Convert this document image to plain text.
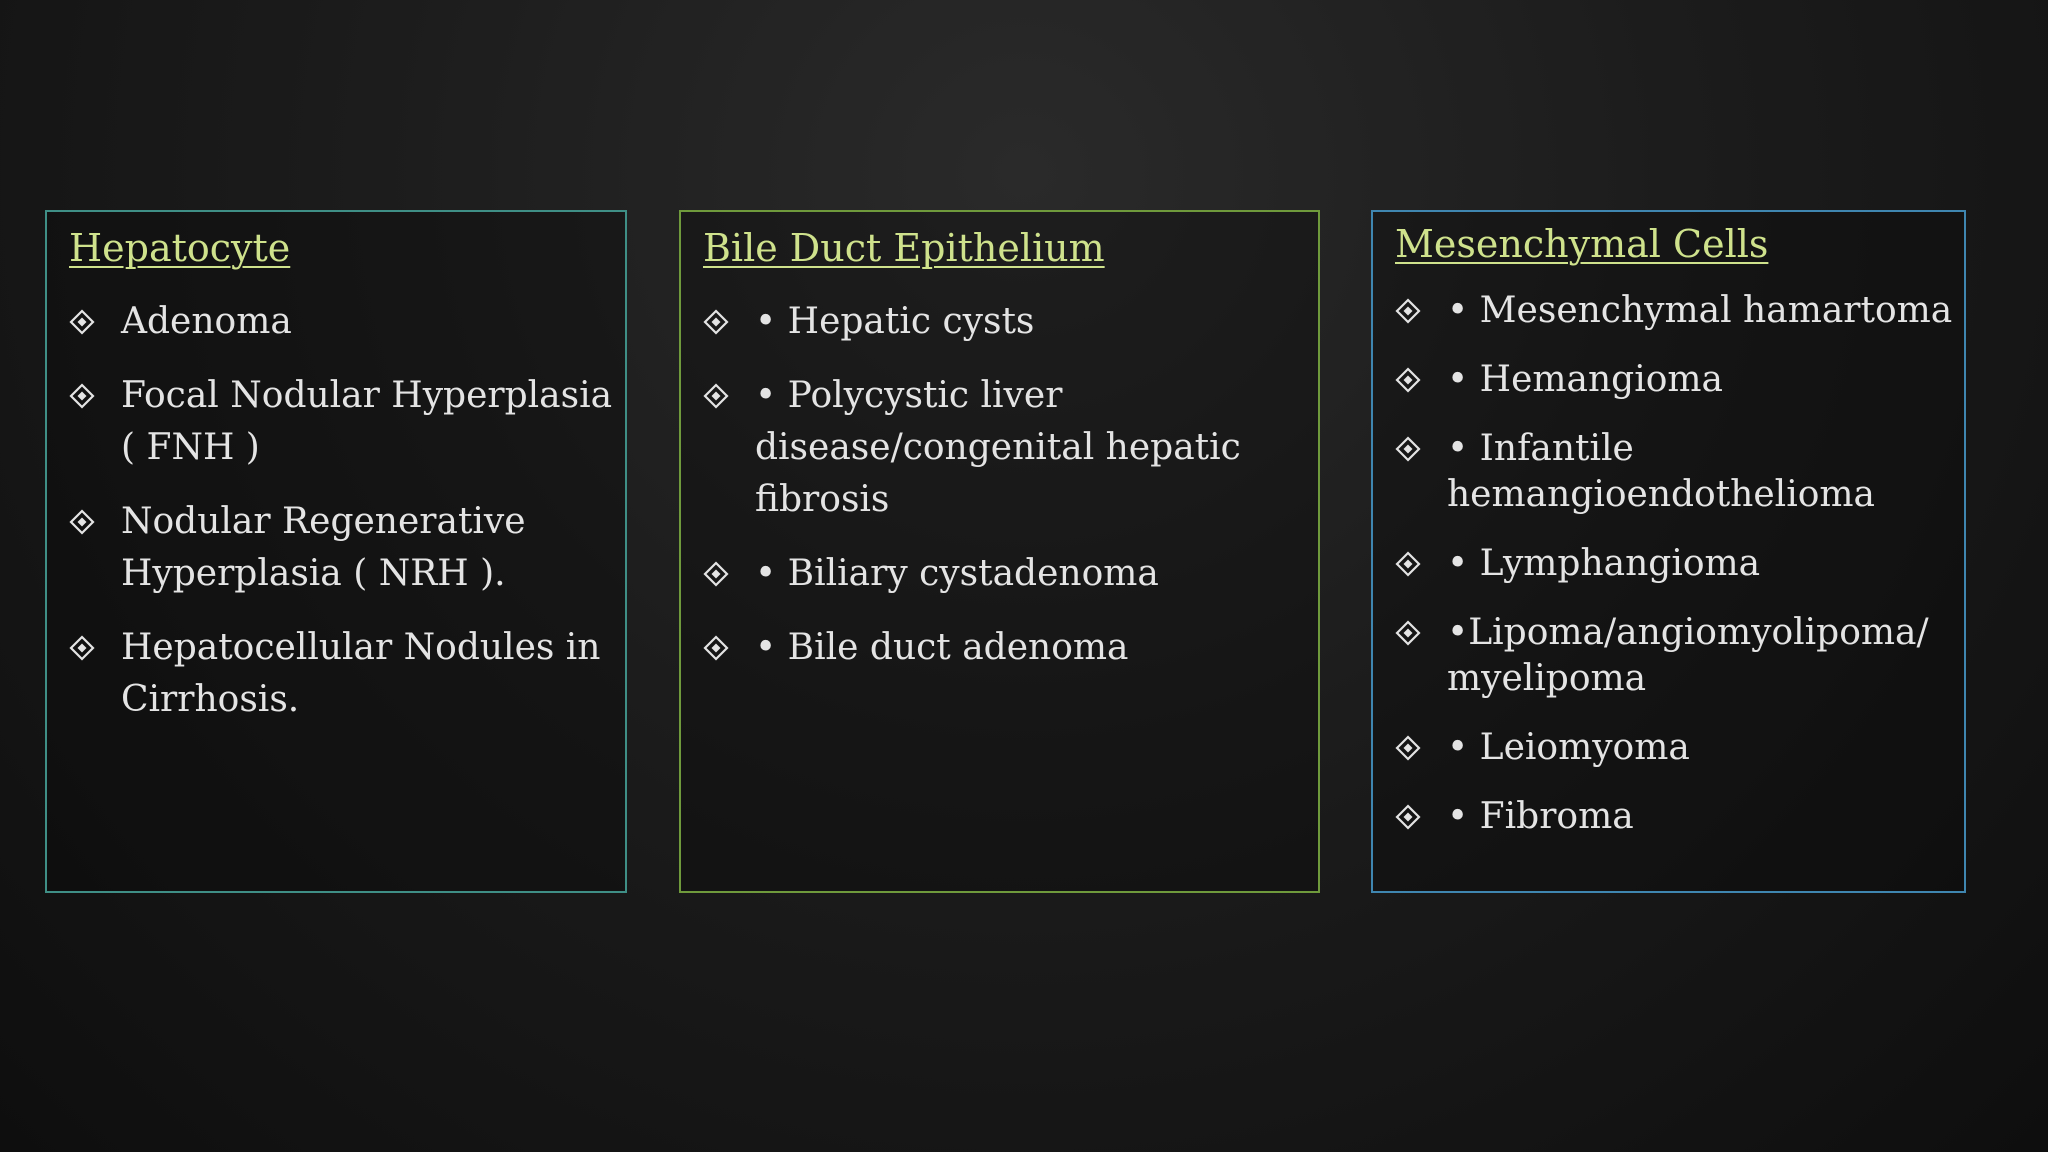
Hepatocyte
Adenoma
Focal Nodular Hyperplasia ( FNH )
Nodular Regenerative Hyperplasia ( NRH ).
Hepatocellular Nodules in Cirrhosis.
Bile Duct Epithelium
• Hepatic cysts
• Polycystic liver disease/congenital hepatic fibrosis
• Biliary cystadenoma
• Bile duct adenoma
Mesenchymal Cells
• Mesenchymal hamartoma
• Hemangioma
• Infantile hemangioendothelioma
• Lymphangioma
•Lipoma/angiomyolipoma/ myelipoma
• Leiomyoma
• Fibroma
